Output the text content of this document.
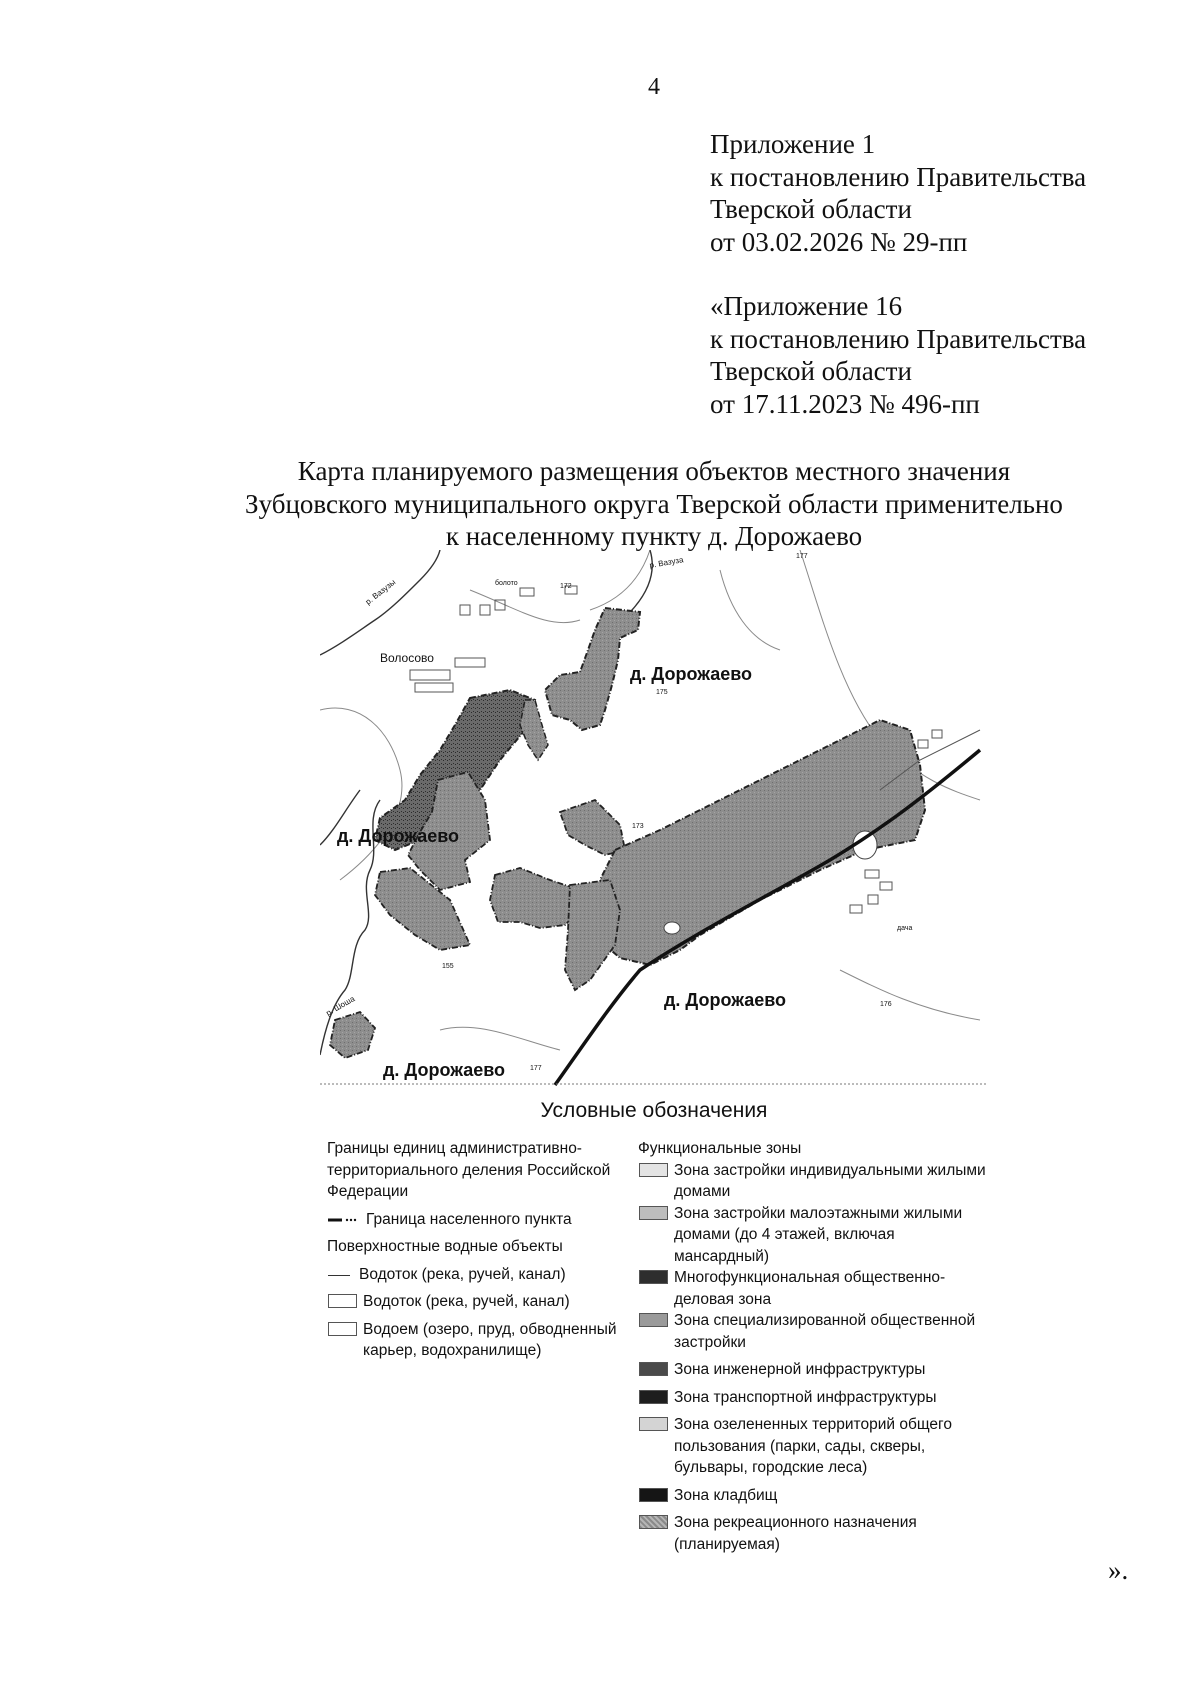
4
Приложение 1
к постановлению Правительства
Тверской области
от 03.02.2026 № 29-пп
«Приложение 16
к постановлению Правительства
Тверской области
от 17.11.2023 № 496-пп
Карта планируемого размещения объектов местного значения
Зубцовского муниципального округа Тверской области применительно
к населенному пункту д. Дорожаево
д. Дорожаево
д. Дорожаево
д. Дорожаево
д. Дорожаево
Волосово
р. Вазузы
р. Вазуза
р. Шоша
болото	172
175
177
173
155
176
177
дача
Условные обозначения
Границы единиц административно-территориального деления Российской Федерации
Граница населенного пункта
Поверхностные водные объекты
Водоток (река, ручей, канал)
Водоток (река, ручей, канал)
Водоем (озеро, пруд, обводненный карьер, водохранилище)
Функциональные зоны
Зона застройки индивидуальными жилыми домами
Зона застройки малоэтажными жилыми домами (до 4 этажей, включая мансардный)
Многофункциональная общественно-деловая зона
Зона специализированной общественной застройки
Зона инженерной инфраструктуры
Зона транспортной инфраструктуры
Зона озелененных территорий общего пользования (парки, сады, скверы, бульвары, городские леса)
Зона кладбищ
Зона рекреационного назначения (планируемая)
».
